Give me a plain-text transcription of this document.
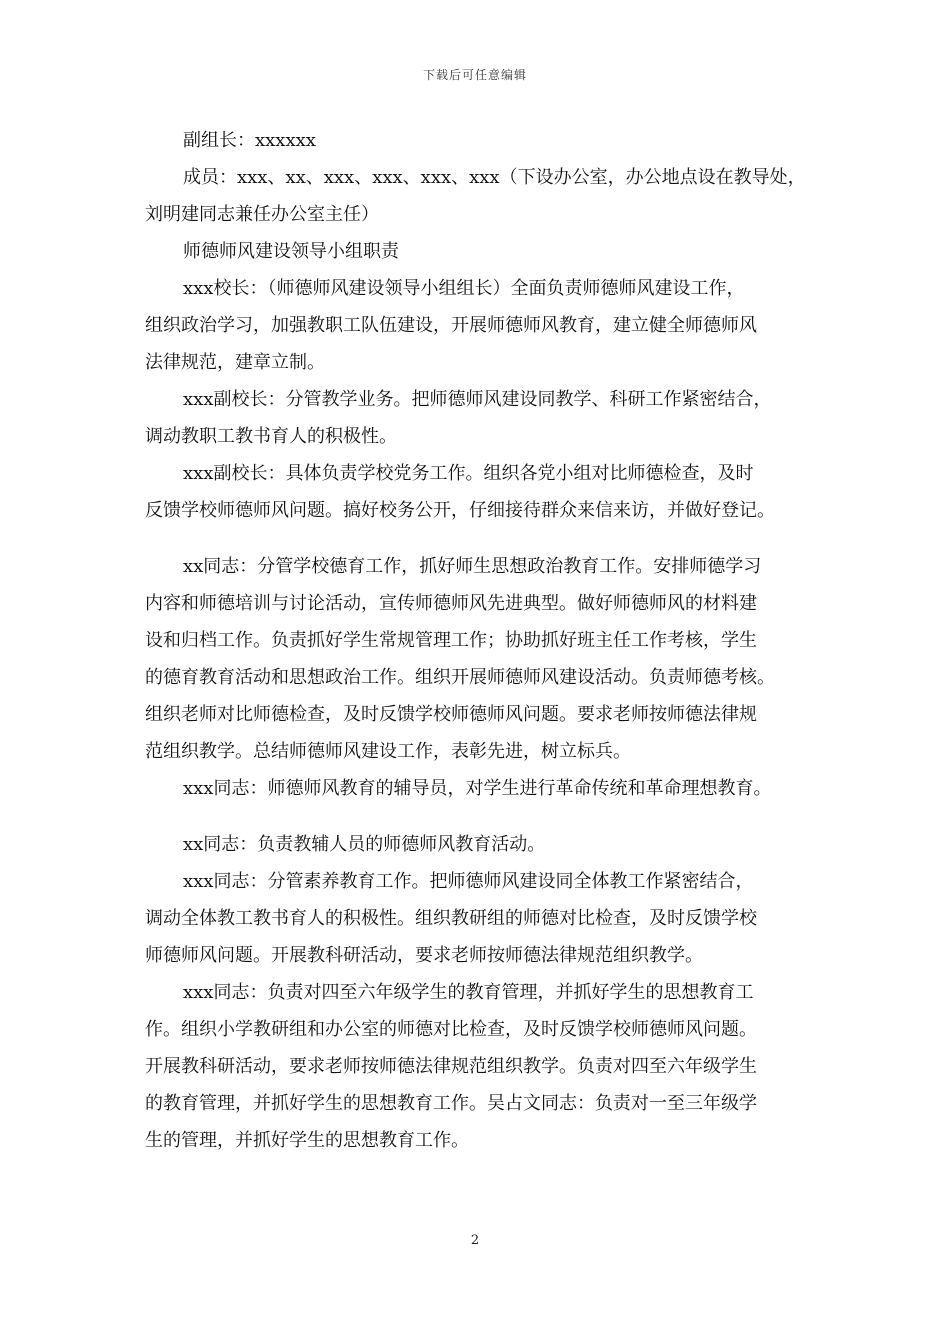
下载后可任意编辑
副组长：xxxxxx
成员：xxx、xx、xxx、xxx、xxx、xxx（下设办公室，办公地点设在教导处，
刘明建同志兼任办公室主任）
师德师风建设领导小组职责
xxx校长：（师德师风建设领导小组组长）全面负责师德师风建设工作，
组织政治学习，加强教职工队伍建设，开展师德师风教育，建立健全师德师风
法律规范，建章立制。
xxx副校长：分管教学业务。把师德师风建设同教学、科研工作紧密结合，
调动教职工教书育人的积极性。
xxx副校长：具体负责学校党务工作。组织各党小组对比师德检查，及时
反馈学校师德师风问题。搞好校务公开，仔细接待群众来信来访，并做好登记。
xx同志：分管学校德育工作，抓好师生思想政治教育工作。安排师德学习
内容和师德培训与讨论活动，宣传师德师风先进典型。做好师德师风的材料建
设和归档工作。负责抓好学生常规管理工作；协助抓好班主任工作考核，学生
的德育教育活动和思想政治工作。组织开展师德师风建设活动。负责师德考核。
组织老师对比师德检查，及时反馈学校师德师风问题。要求老师按师德法律规
范组织教学。总结师德师风建设工作，表彰先进，树立标兵。
xxx同志：师德师风教育的辅导员，对学生进行革命传统和革命理想教育。
xx同志：负责教辅人员的师德师风教育活动。
xxx同志：分管素养教育工作。把师德师风建设同全体教工作紧密结合，
调动全体教工教书育人的积极性。组织教研组的师德对比检查，及时反馈学校
师德师风问题。开展教科研活动，要求老师按师德法律规范组织教学。
xxx同志：负责对四至六年级学生的教育管理，并抓好学生的思想教育工
作。组织小学教研组和办公室的师德对比检查，及时反馈学校师德师风问题。
开展教科研活动，要求老师按师德法律规范组织教学。负责对四至六年级学生
的教育管理，并抓好学生的思想教育工作。吴占文同志：负责对一至三年级学
生的管理，并抓好学生的思想教育工作。
2
